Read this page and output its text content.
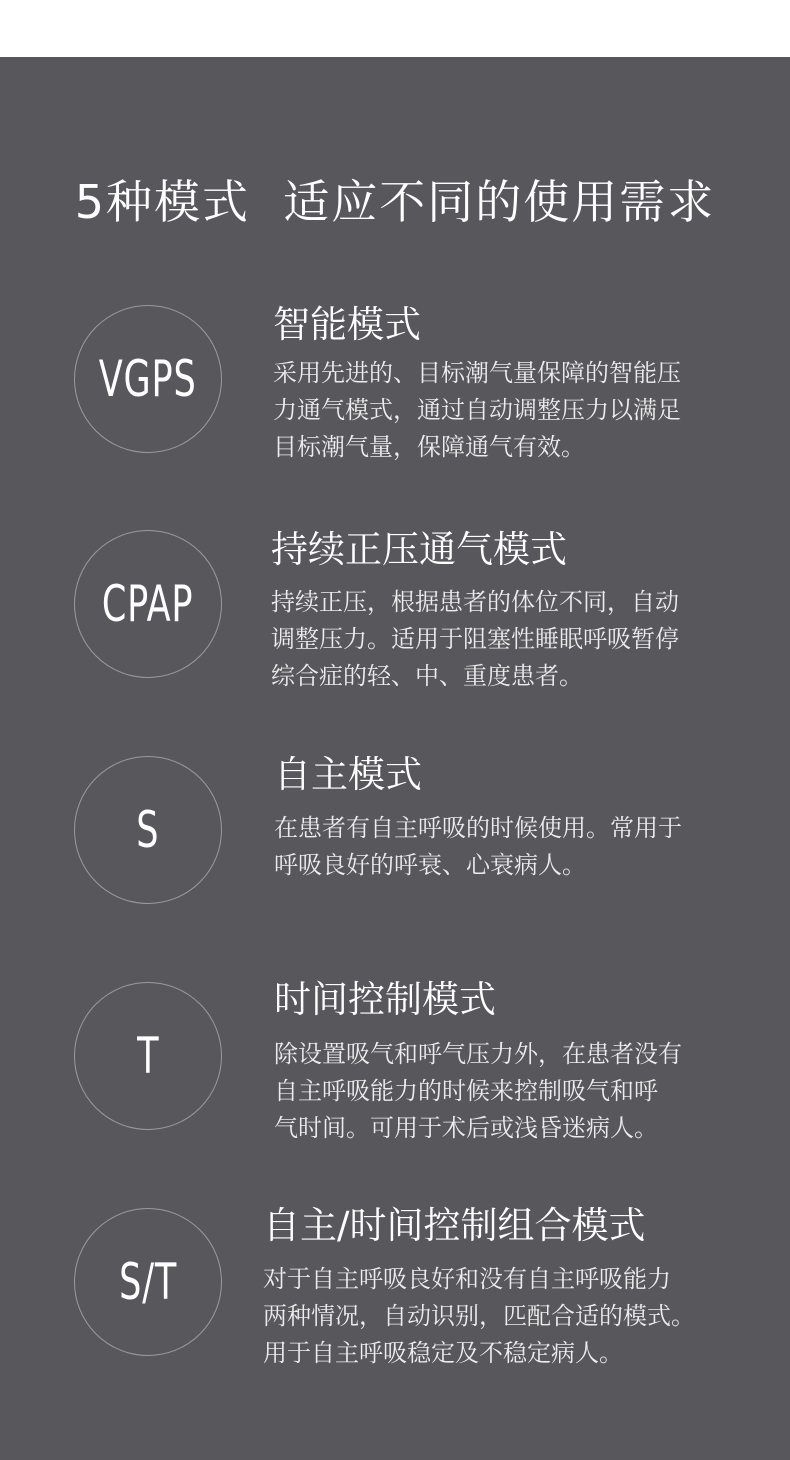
5种模式  适应不同的使用需求
VGPS
智能模式
采用先进的、目标潮气量保障的智能压
力通气模式，通过自动调整压力以满足
目标潮气量，保障通气有效。
CPAP
持续正压通气模式
持续正压，根据患者的体位不同，自动
调整压力。适用于阻塞性睡眠呼吸暂停
综合症的轻、中、重度患者。
S
自主模式
在患者有自主呼吸的时候使用。常用于
呼吸良好的呼衰、心衰病人。
T
时间控制模式
除设置吸气和呼气压力外，在患者没有
自主呼吸能力的时候来控制吸气和呼
气时间。可用于术后或浅昏迷病人。
S/T
自主/时间控制组合模式
对于自主呼吸良好和没有自主呼吸能力
两种情况，自动识别，匹配合适的模式。
用于自主呼吸稳定及不稳定病人。
